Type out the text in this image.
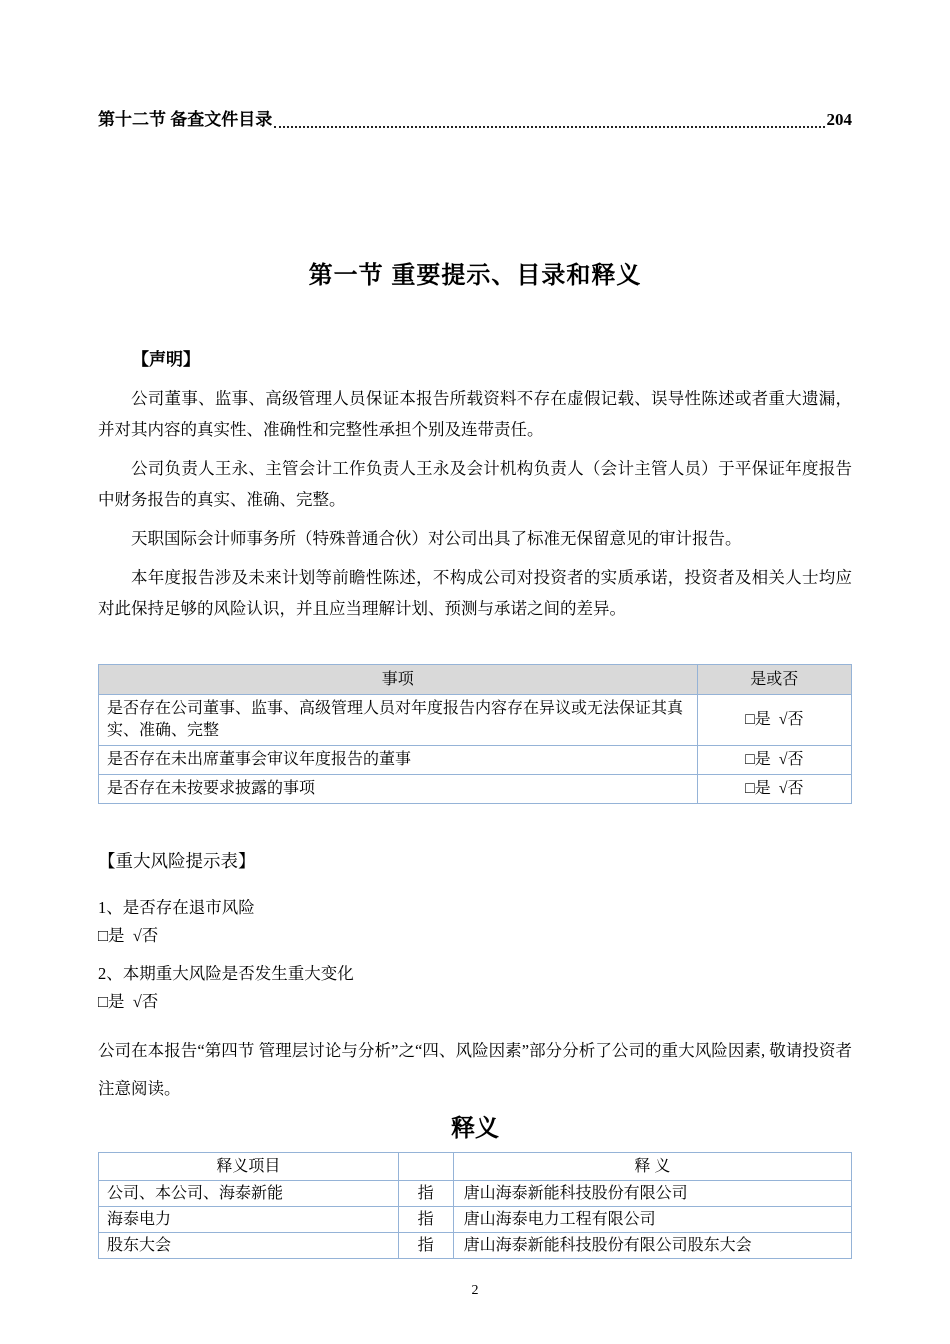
第十二节 备查文件目录	204
第一节 重要提示、目录和释义
【声明】

公司董事、监事、高级管理人员保证本报告所载资料不存在虚假记载、误导性陈述或者重大遗漏，并对其内容的真实性、准确性和完整性承担个别及连带责任。

公司负责人王永、主管会计工作负责人王永及会计机构负责人（会计主管人员）于平保证年度报告中财务报告的真实、准确、完整。

天职国际会计师事务所（特殊普通合伙）对公司出具了标准无保留意见的审计报告。

本年度报告涉及未来计划等前瞻性陈述，不构成公司对投资者的实质承诺，投资者及相关人士均应对此保持足够的风险认识，并且应当理解计划、预测与承诺之间的差异。

事项	是或否
是否存在公司董事、监事、高级管理人员对年度报告内容存在异议或无法保证其真实、准确、完整	□是  √否
是否存在未出席董事会审议年度报告的董事	□是  √否
是否存在未按要求披露的事项	□是  √否
【重大风险提示表】
1、是否存在退市风险
□是  √否
2、本期重大风险是否发生重大变化
□是  √否

公司在本报告“第四节 管理层讨论与分析”之“四、风险因素”部分分析了公司的重大风险因素, 敬请投资者注意阅读。

释义
释义项目		释 义
公司、本公司、海泰新能	指	唐山海泰新能科技股份有限公司
海泰电力	指	唐山海泰电力工程有限公司
股东大会	指	唐山海泰新能科技股份有限公司股东大会
2
